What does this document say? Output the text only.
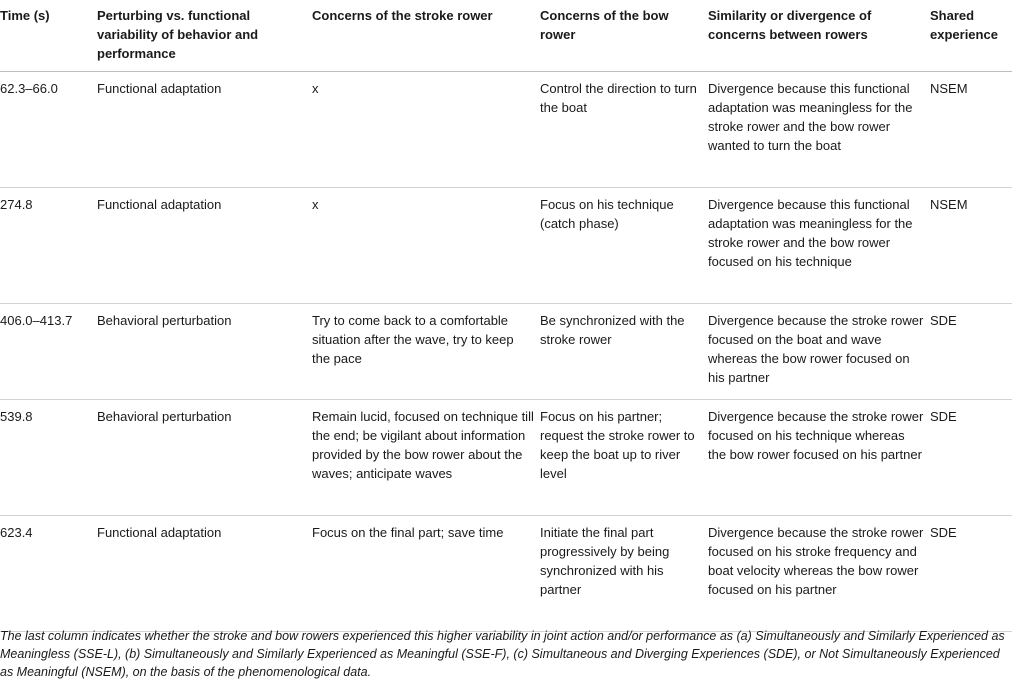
Time (s)	Perturbing vs. functional variability of behavior and performance	Concerns of the stroke rower	Concerns of the bow rower	Similarity or divergence of concerns between rowers	Shared experience
62.3–66.0	Functional adaptation	x	Control the direction to turn the boat	Divergence because this functional adaptation was meaningless for the stroke rower and the bow rower wanted to turn the boat	NSEM
274.8	Functional adaptation	x	Focus on his technique (catch phase)	Divergence because this functional adaptation was meaningless for the stroke rower and the bow rower focused on his technique	NSEM
406.0–413.7	Behavioral perturbation	Try to come back to a comfortable situation after the wave, try to keep the pace	Be synchronized with the stroke rower	Divergence because the stroke rower focused on the boat and wave whereas the bow rower focused on his partner	SDE
539.8	Behavioral perturbation	Remain lucid, focused on technique till the end; be vigilant about information provided by the bow rower about the waves; anticipate waves	Focus on his partner; request the stroke rower to keep the boat up to river level	Divergence because the stroke rower focused on his technique whereas the bow rower focused on his partner	SDE
623.4	Functional adaptation	Focus on the final part; save time	Initiate the final part progressively by being synchronized with his partner	Divergence because the stroke rower focused on his stroke frequency and boat velocity whereas the bow rower focused on his partner	SDE

The last column indicates whether the stroke and bow rowers experienced this higher variability in joint action and/or performance as (a) Simultaneously and Similarly Experienced as Meaningless (SSE-L), (b) Simultaneously and Similarly Experienced as Meaningful (SSE-F), (c) Simultaneous and Diverging Experiences (SDE), or Not Simultaneously Experienced as Meaningful (NSEM), on the basis of the phenomenological data.
